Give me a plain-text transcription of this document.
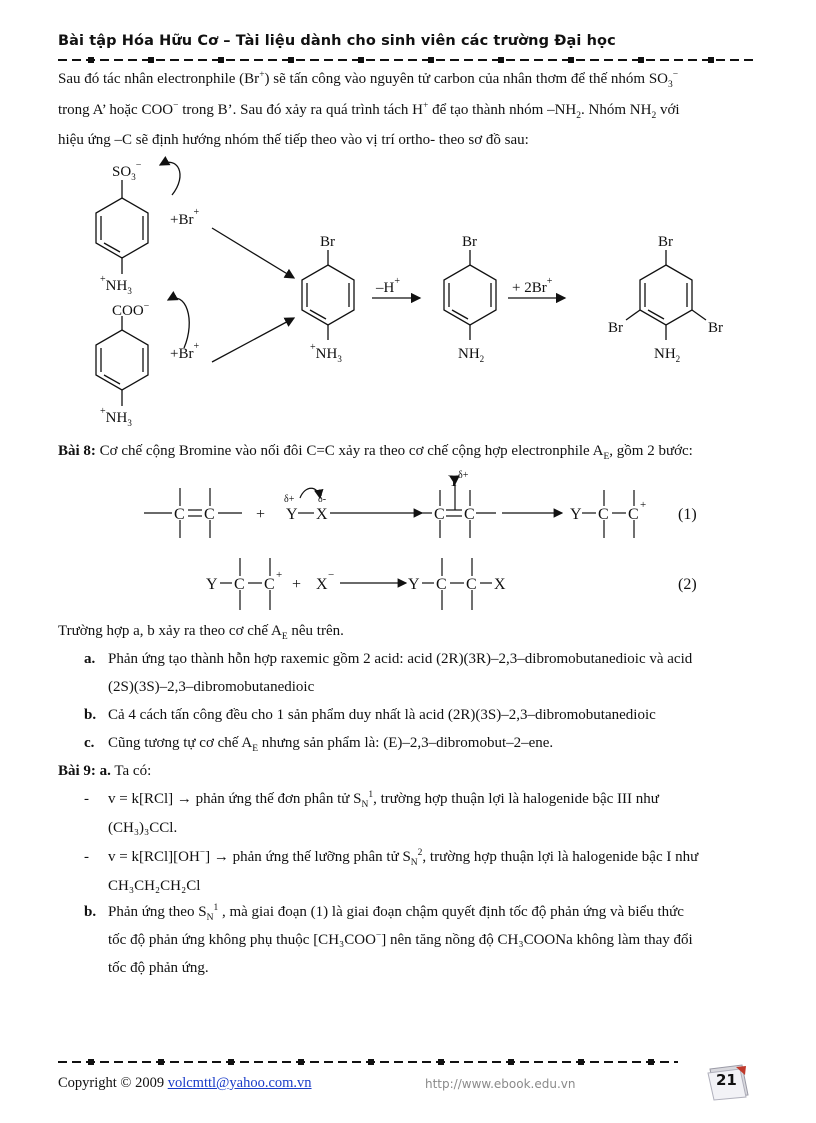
Bài tập Hóa Hữu Cơ – Tài liệu dành cho sinh viên các trường Đại học
Sau đó tác nhân electronphile (Br+) sẽ tấn công vào nguyên tử carbon của nhân thơm để thế nhóm $SO_3^-$
trong A’ hoặc COO− trong B’. Sau đó xảy ra quá trình tách H+ để tạo thành nhóm $-NH_2$. Nhóm $NH_2$ với
hiệu ứng –C sẽ định hướng nhóm thế tiếp theo vào vị trí ortho- theo sơ đồ sau:
$SO_3^-$
$+NH_3$
+Br+
COO−
$+NH_3$
+Br+
Br
$+NH_3$
–H+	+ 2Br+
Br
$NH_2$
Br
Br	Br
$NH_2$
Bài 8: Cơ chế cộng Bromine vào nối đôi C=C xảy ra theo cơ chế cộng hợp electronphile $A_E$, gồm 2 bước:
C C	+ Y X
δ+ δ-
C C
Y
δ+
Y C C
+
(1)
Y C C
+
+ X
−
Y C C X	(2)
Trường hợp a, b xảy ra theo cơ chế $A_E$ nêu trên.
a. Phản ứng tạo thành hỗn hợp raxemic gồm 2 acid: acid (2R)(3R)–2,3–dibromobutanedioic và acid
(2S)(3S)–2,3–dibromobutanedioic
b. Cả 4 cách tấn công đều cho 1 sản phẩm duy nhất là acid (2R)(3S)–2,3–dibromobutanedioic
c. Cũng tương tự cơ chế $A_E$ nhưng sản phẩm là: (E)–2,3–dibromobut–2–ene.
Bài 9: a. Ta có:
- v = k[RCl] → phản ứng thế đơn phân tử $S_N^1$, trường hợp thuận lợi là halogenide bậc III như
(CH₃)₃CCl.
- v = k[RCl][OH−] → phản ứng thế lưỡng phân tử $S_N^2$, trường hợp thuận lợi là halogenide bậc I như
CH₃CH₂CH₂Cl
b. Phản ứng theo $S_N^1$ , mà giai đoạn (1) là giai đoạn chậm quyết định tốc độ phản ứng và biểu thức
tốc độ phản ứng không phụ thuộc [CH₃COO−] nên tăng nồng độ CH₃COONa không làm thay đổi
tốc độ phản ứng.
Copyright © 2009 volcmttl@yahoo.com.vn	http://www.ebook.edu.vn	21
